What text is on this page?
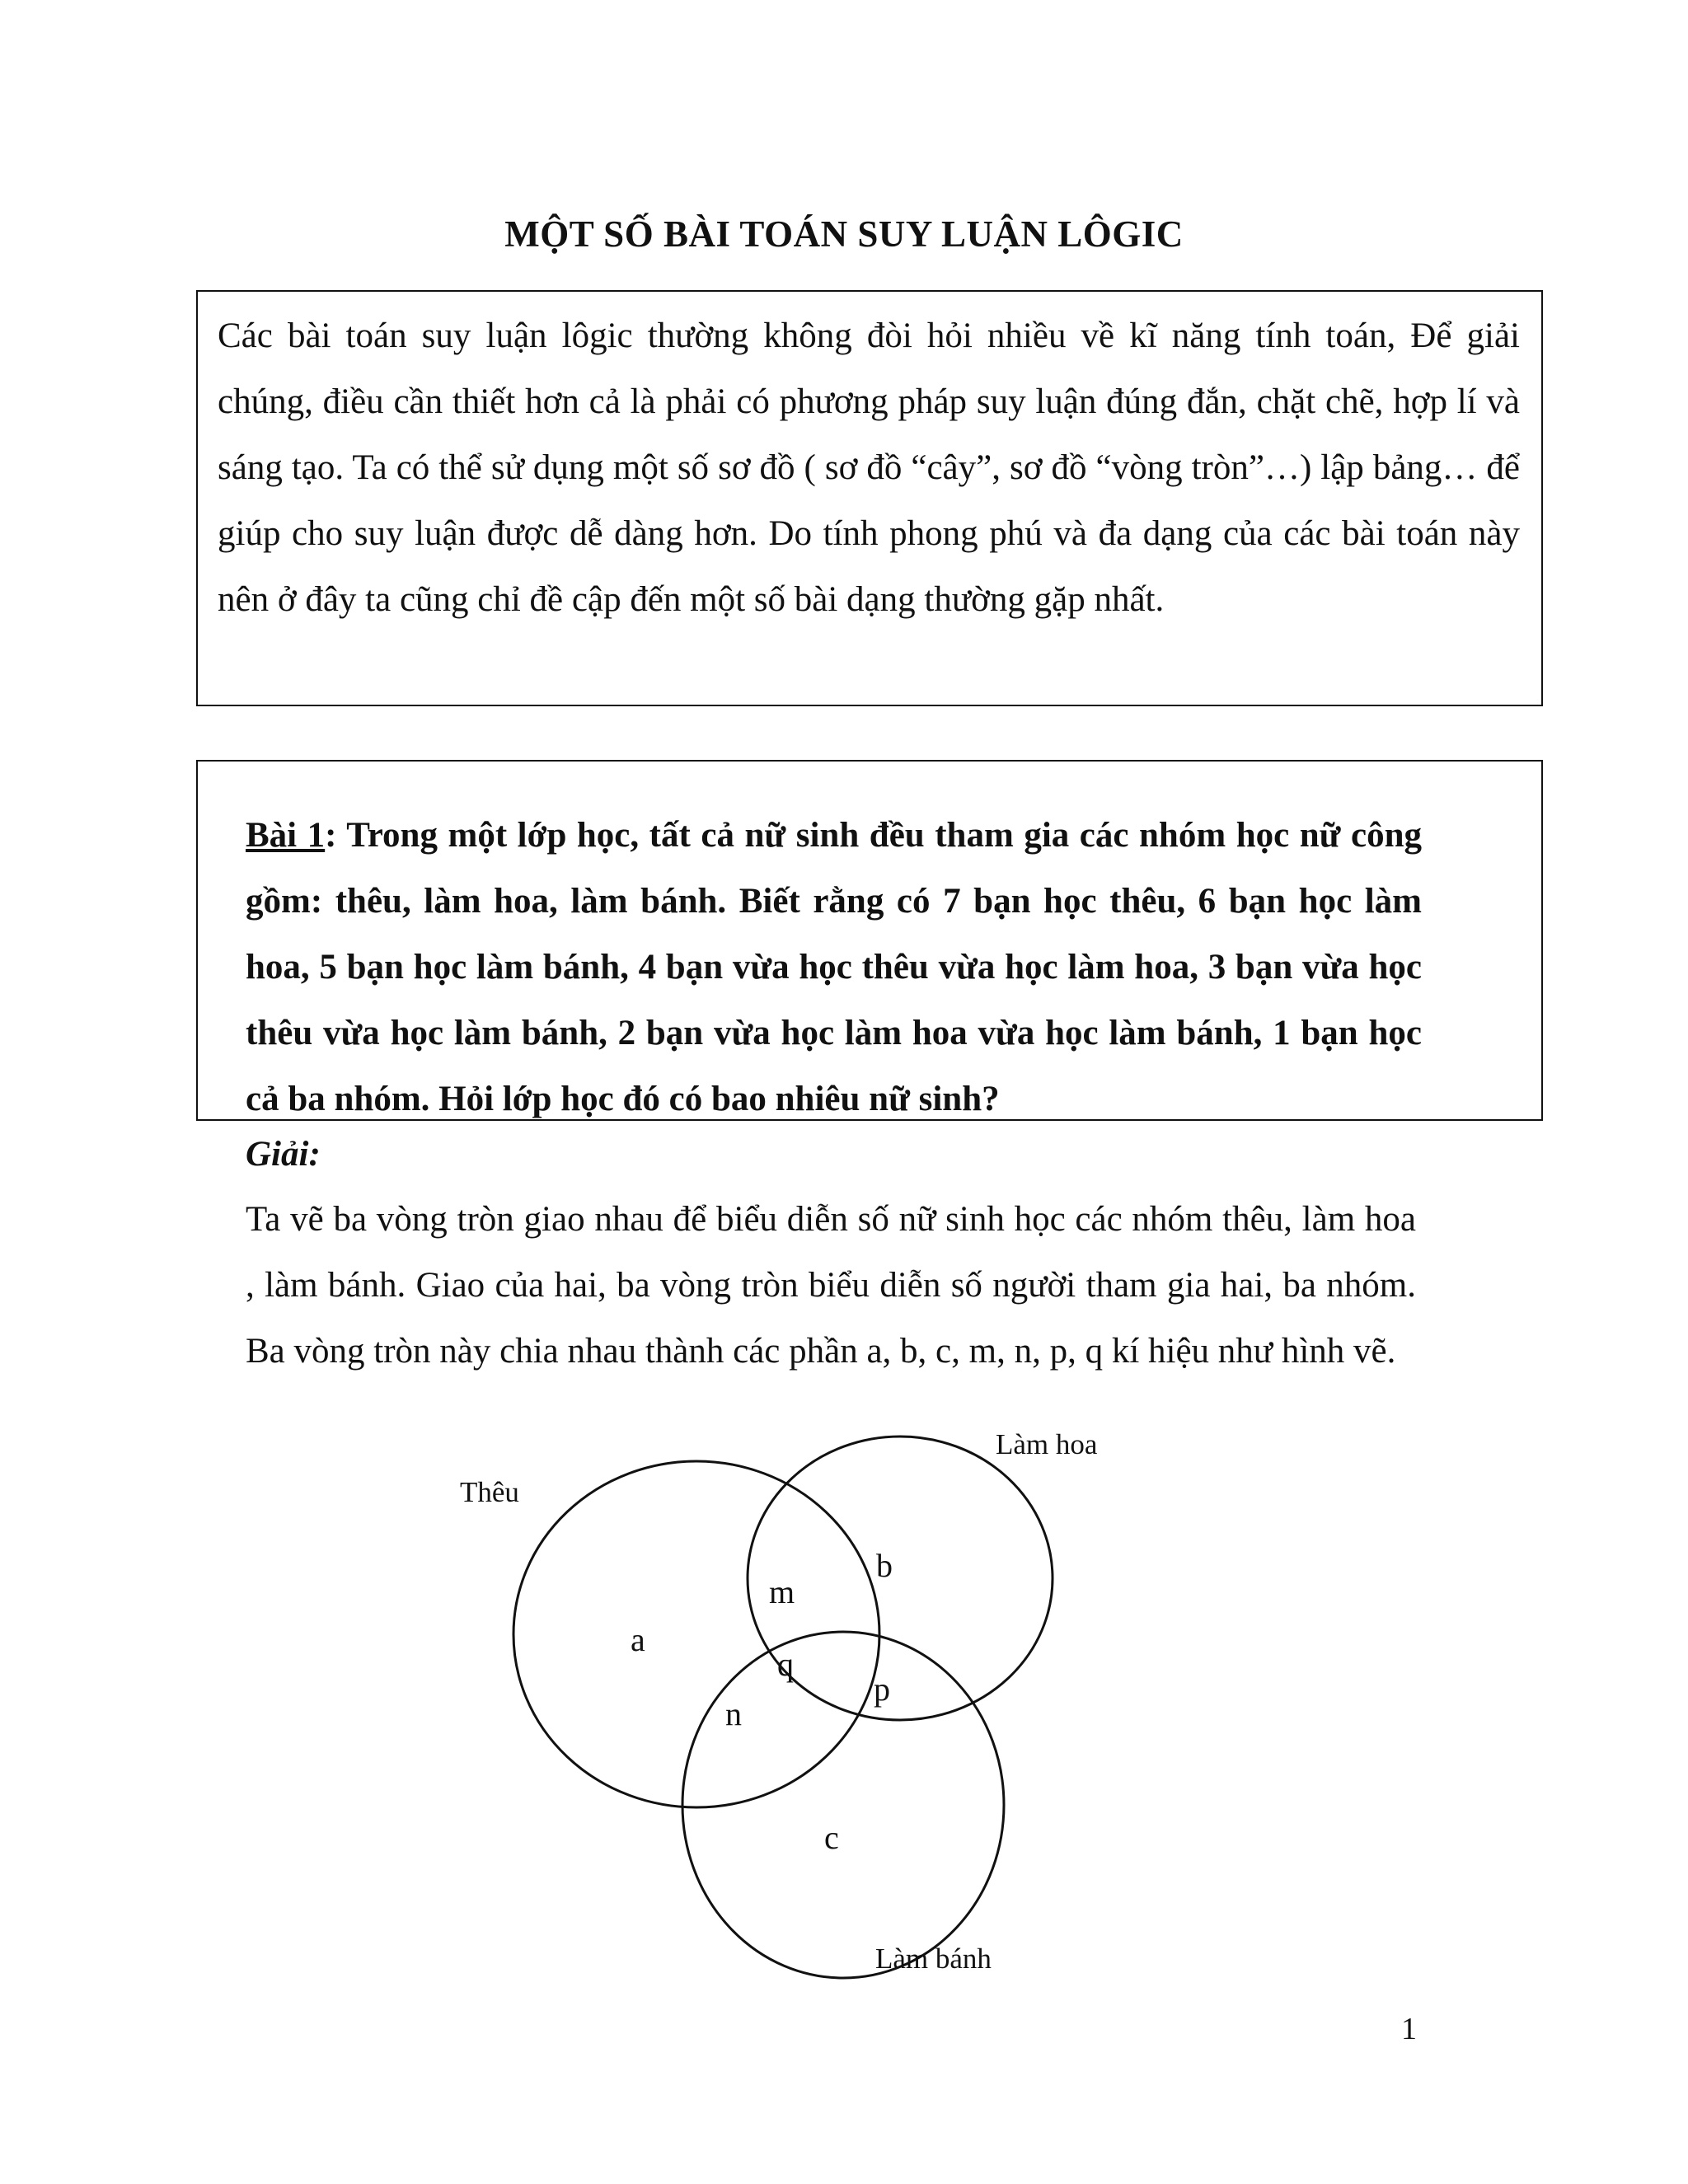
MỘT SỐ BÀI TOÁN SUY LUẬN LÔGIC

Các bài toán suy luận lôgic thường không đòi hỏi nhiều về kĩ năng tính toán, Để giải chúng, điều cần thiết hơn cả là phải có phương pháp suy luận đúng đắn, chặt chẽ, hợp lí và sáng tạo. Ta có thể sử dụng một số sơ đồ ( sơ đồ “cây”, sơ đồ “vòng tròn”…) lập bảng… để giúp cho suy luận được dễ dàng hơn. Do tính phong phú và đa dạng của các bài toán này nên ở đây ta cũng chỉ đề cập đến một số bài dạng thường gặp nhất.

Bài 1: Trong một lớp học, tất cả nữ sinh đều tham gia các nhóm học nữ công gồm: thêu, làm hoa, làm bánh. Biết rằng có 7 bạn học thêu, 6 bạn học làm hoa, 5 bạn học làm bánh, 4 bạn vừa học thêu vừa học làm hoa, 3 bạn vừa học thêu vừa học làm bánh, 2 bạn vừa học làm hoa vừa học làm bánh, 1 bạn học cả ba nhóm. Hỏi lớp học đó có bao nhiêu nữ sinh?

Giải:

Ta vẽ ba vòng tròn giao nhau để biểu diễn số nữ sinh học các nhóm thêu, làm hoa , làm bánh. Giao của hai, ba vòng tròn biểu diễn số người tham gia hai, ba nhóm. Ba vòng tròn này chia nhau thành các phần a, b, c, m, n, p, q kí hiệu như hình vẽ.

Thêu
Làm hoa
Làm bánh
a
b
c
m
n
p
q

1
